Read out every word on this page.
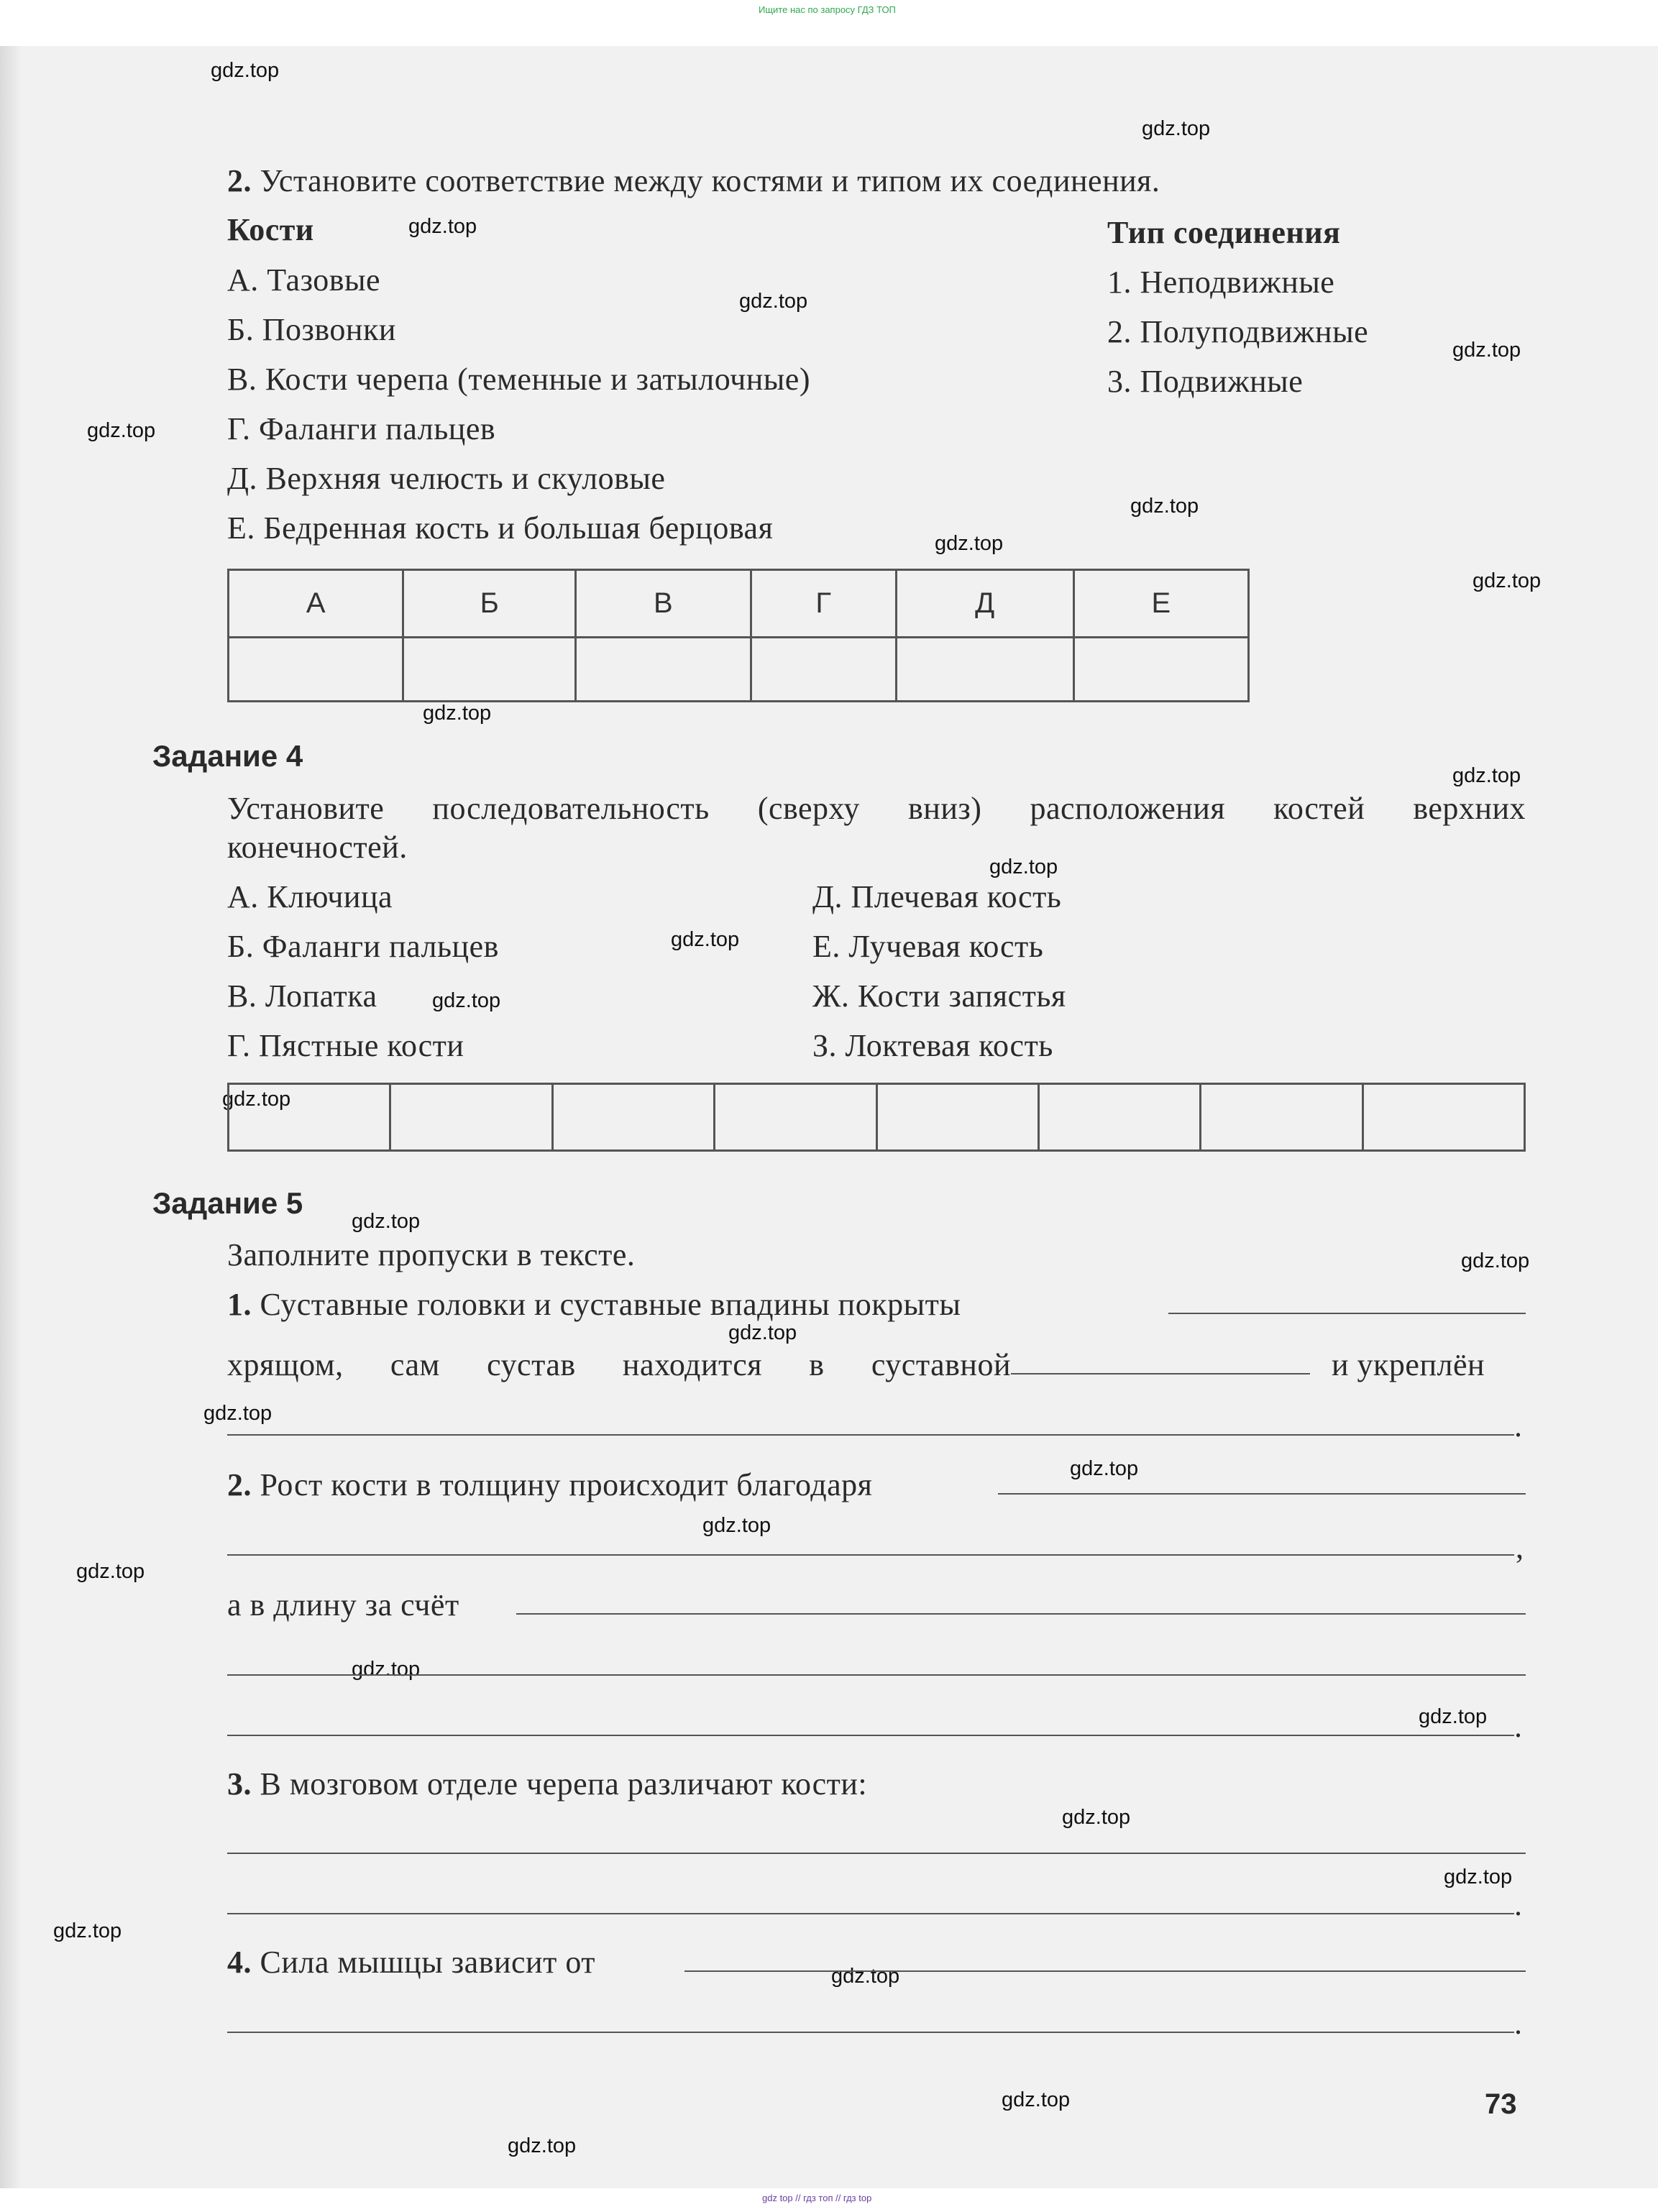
Ищите нас по запросу ГДЗ ТОП
gdz.top
gdz.top
gdz.top
gdz.top
gdz.top
gdz.top
gdz.top
gdz.top
gdz.top
gdz.top
gdz.top
gdz.top
gdz.top
gdz.top
gdz.top
gdz.top
gdz.top
gdz.top
gdz.top
gdz.top
gdz.top
gdz.top
gdz.top
gdz.top
gdz.top
gdz.top
gdz.top
gdz.top
gdz.top
gdz.top
2. Установите соответствие между костями и типом их соединения.
Кости	Тип соединения
А. Тазовые
Б. Позвонки
В. Кости черепа (теменные и затылочные)
Г. Фаланги пальцев
Д. Верхняя челюсть и скуловые
Е. Бедренная кость и большая берцовая
1. Неподвижные
2. Полуподвижные
3. Подвижные
А	Б	В	Г	Д	Е

Задание 4
Установите последовательность (сверху вниз) расположения костей верхних
конечностей.
А. Ключица
Б. Фаланги пальцев
В. Лопатка
Г. Пястные кости
Д. Плечевая кость
Е. Лучевая кость
Ж. Кости запястья
З. Локтевая кость

Задание 5
Заполните пропуски в тексте.
1. Суставные головки и суставные впадины покрыты
хрящом, сам сустав находится в суставной	и укреплён
.
2. Рост кости в толщину происходит благодаря
,
а в длину за счёт
.
3. В мозговом отделе черепа различают кости:
.
4. Сила мышцы зависит от
.
73
gdz top // гдз топ // гдз top
